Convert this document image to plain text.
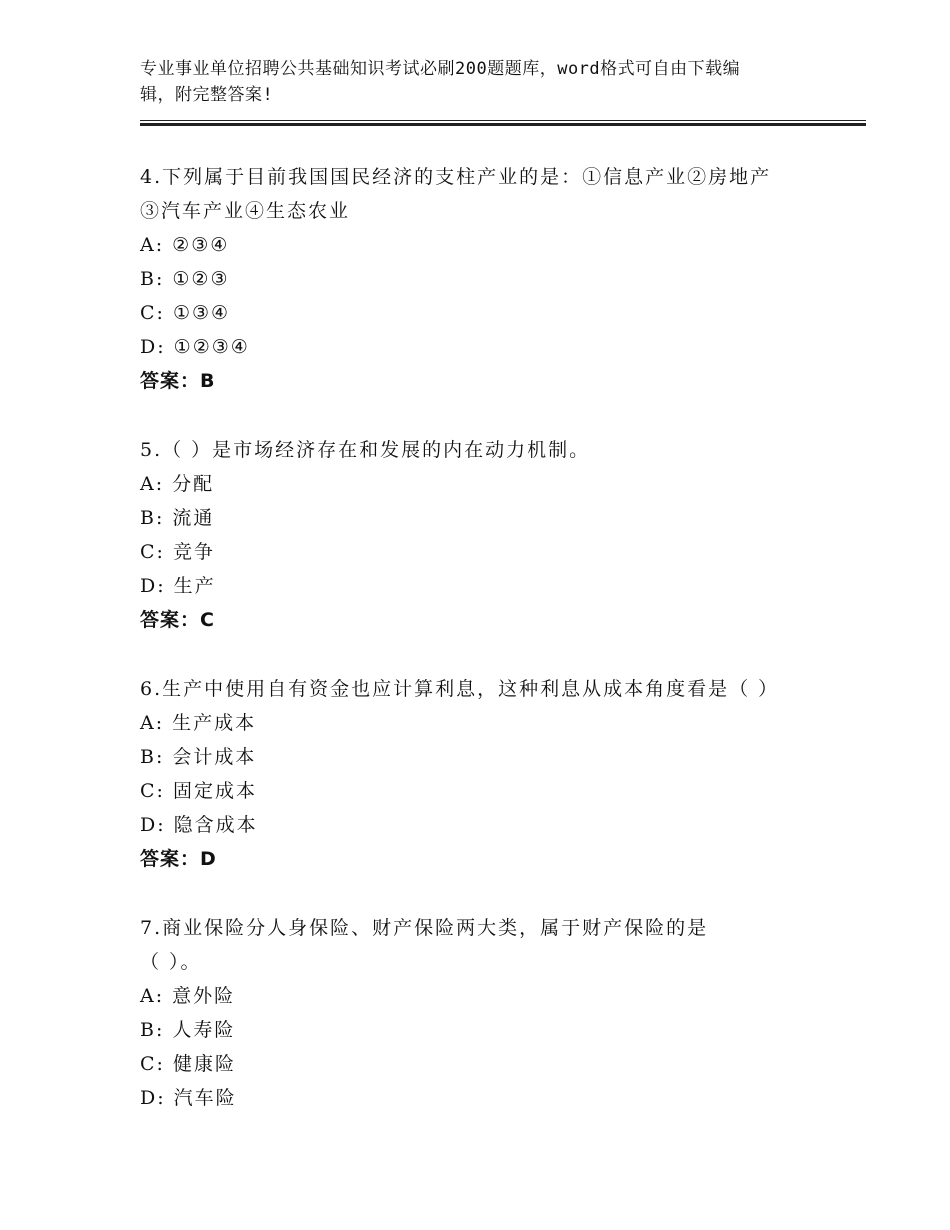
专业事业单位招聘公共基础知识考试必刷200题题库，word格式可自由下载编
辑，附完整答案!
4.下列属于目前我国国民经济的支柱产业的是：①信息产业②房地产
③汽车产业④生态农业
A: ②③④
B: ①②③
C: ①③④
D: ①②③④
答案：B
5.（ ）是市场经济存在和发展的内在动力机制。
A: 分配
B: 流通
C: 竞争
D: 生产
答案：C
6.生产中使用自有资金也应计算利息，这种利息从成本角度看是（ ）
A: 生产成本
B: 会计成本
C: 固定成本
D: 隐含成本
答案：D
7.商业保险分人身保险、财产保险两大类，属于财产保险的是
（ ）。
A: 意外险
B: 人寿险
C: 健康险
D: 汽车险
